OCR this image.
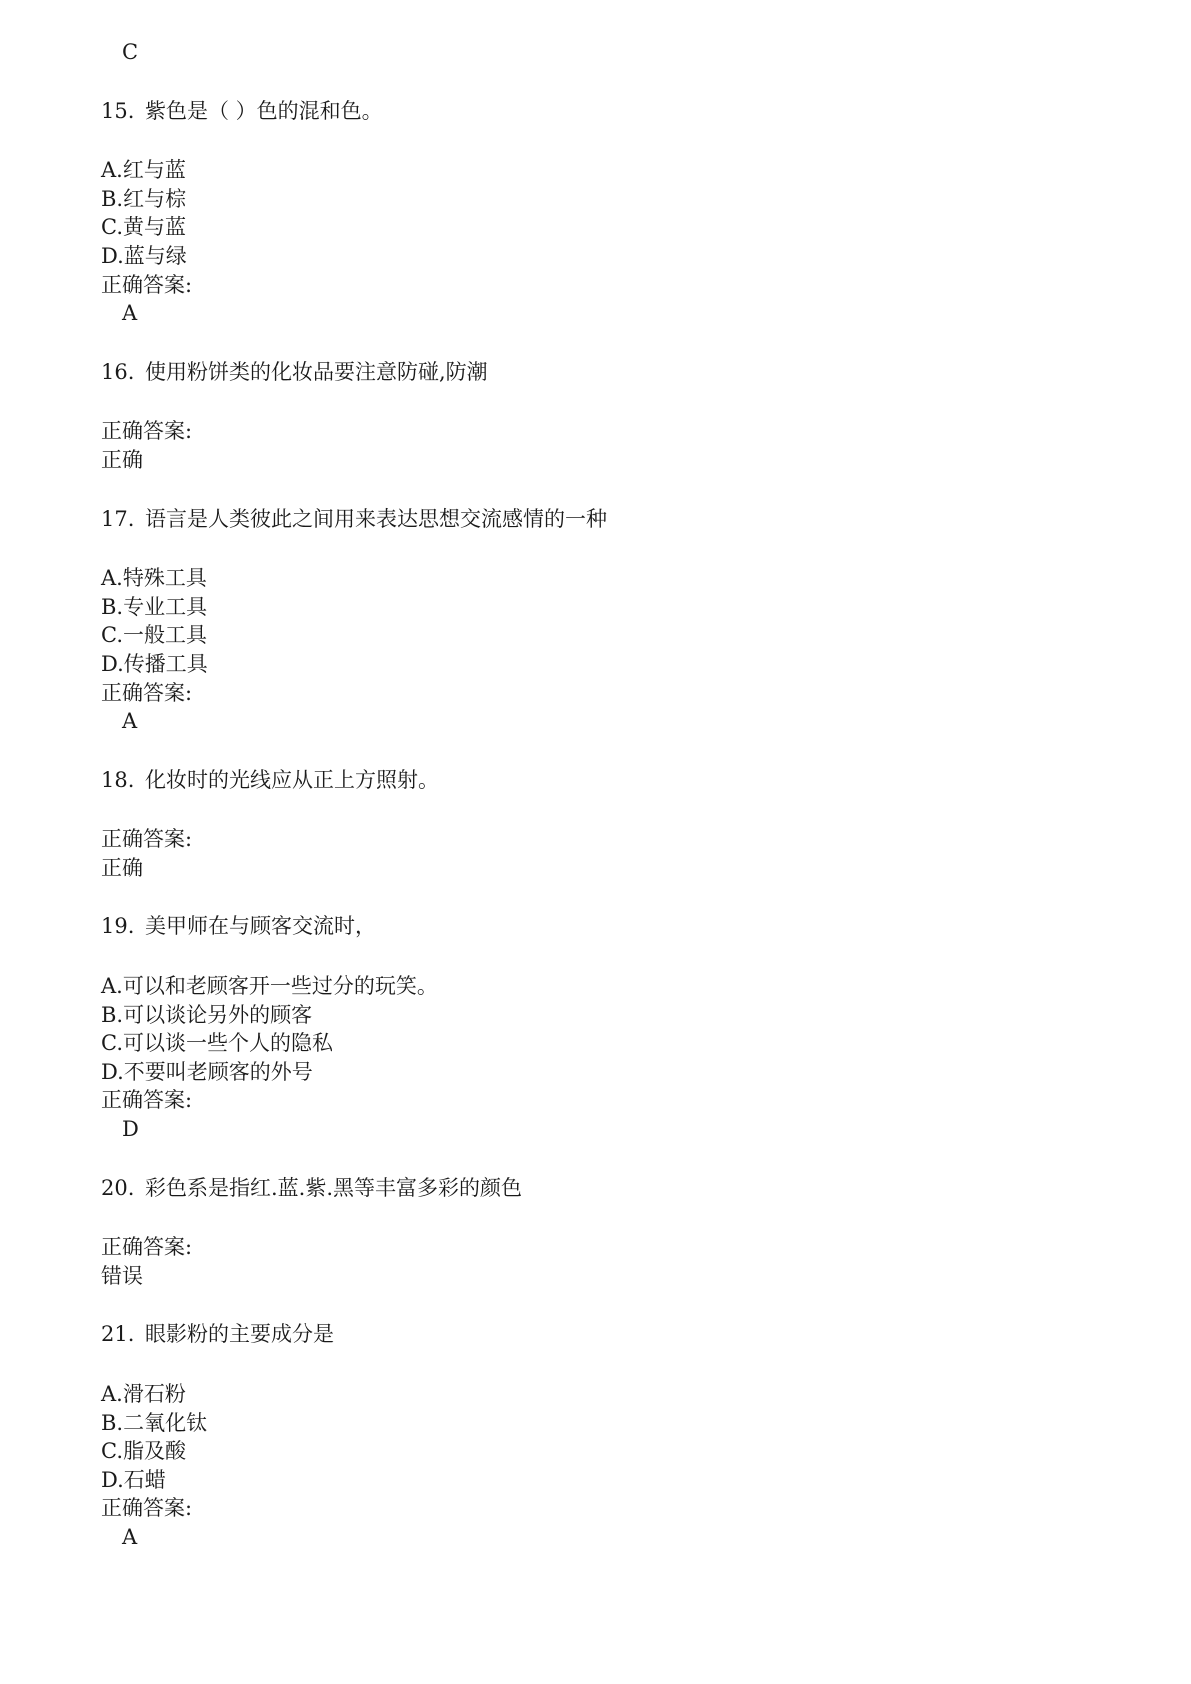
C
15. 紫色是（ ）色的混和色。
A.红与蓝
B.红与棕
C.黄与蓝
D.蓝与绿
正确答案:
A
16. 使用粉饼类的化妆品要注意防碰,防潮
正确答案:
正确
17. 语言是人类彼此之间用来表达思想交流感情的一种
A.特殊工具
B.专业工具
C.一般工具
D.传播工具
正确答案:
A
18. 化妆时的光线应从正上方照射。
正确答案:
正确
19. 美甲师在与顾客交流时，
A.可以和老顾客开一些过分的玩笑。
B.可以谈论另外的顾客
C.可以谈一些个人的隐私
D.不要叫老顾客的外号
正确答案:
D
20. 彩色系是指红.蓝.紫.黑等丰富多彩的颜色
正确答案:
错误
21. 眼影粉的主要成分是
A.滑石粉
B.二氧化钛
C.脂及酸
D.石蜡
正确答案:
A
